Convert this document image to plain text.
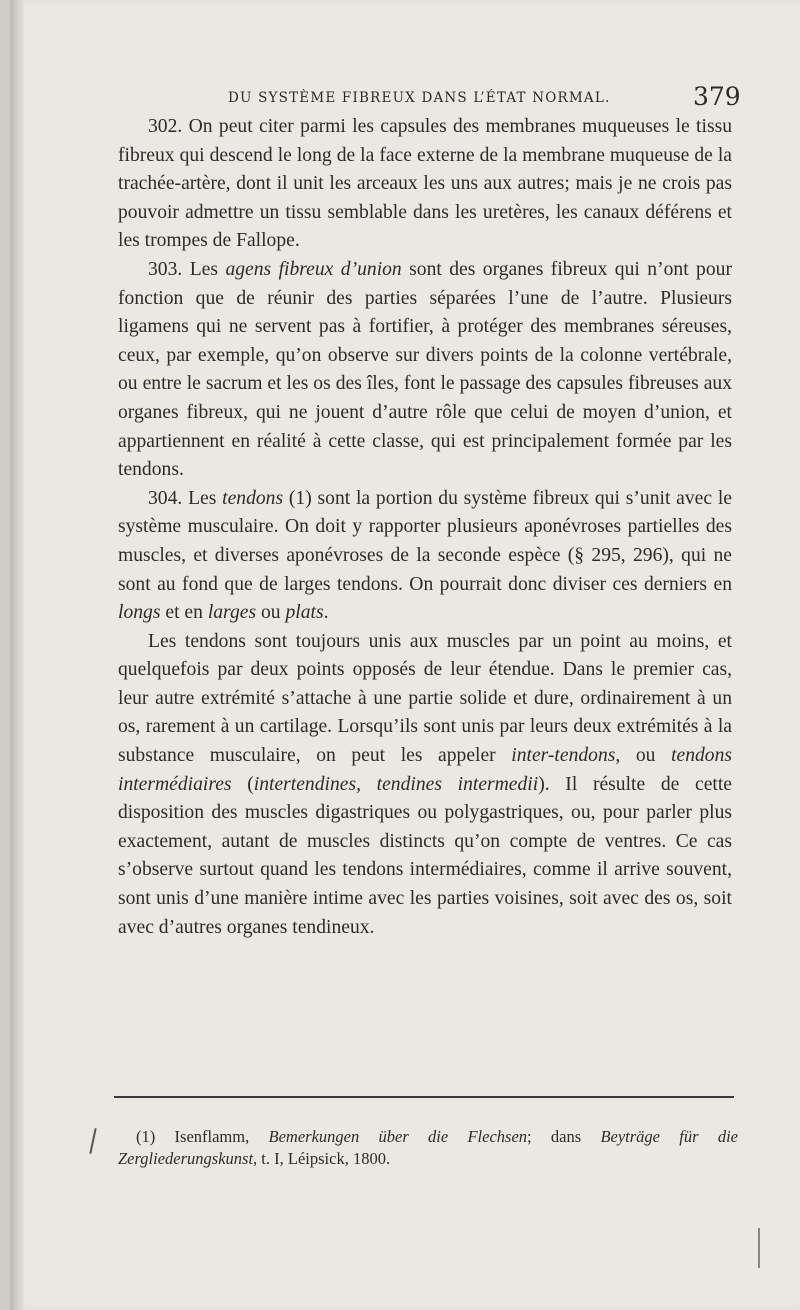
DU SYSTÈME FIBREUX DANS L’ÉTAT NORMAL.	379

302. On peut citer parmi les capsules des membranes muqueuses le tissu fibreux qui descend le long de la face externe de la membrane muqueuse de la trachée-artère, dont il unit les arceaux les uns aux autres; mais je ne crois pas pouvoir admettre un tissu semblable dans les uretères, les canaux déférens et les trompes de Fallope.

303. Les agens fibreux d’union sont des organes fibreux qui n’ont pour fonction que de réunir des parties séparées l’une de l’autre. Plusieurs ligamens qui ne servent pas à fortifier, à protéger des membranes séreuses, ceux, par exemple, qu’on observe sur divers points de la colonne vertébrale, ou entre le sacrum et les os des îles, font le passage des capsules fibreuses aux organes fibreux, qui ne jouent d’autre rôle que celui de moyen d’union, et appartiennent en réalité à cette classe, qui est principalement formée par les tendons.

304. Les tendons (1) sont la portion du système fibreux qui s’unit avec le système musculaire. On doit y rapporter plusieurs aponévroses partielles des muscles, et diverses aponévroses de la seconde espèce (§ 295, 296), qui ne sont au fond que de larges tendons. On pourrait donc diviser ces derniers en longs et en larges ou plats.

Les tendons sont toujours unis aux muscles par un point au moins, et quelquefois par deux points opposés de leur étendue. Dans le premier cas, leur autre extrémité s’attache à une partie solide et dure, ordinairement à un os, rarement à un cartilage. Lorsqu’ils sont unis par leurs deux extrémités à la substance musculaire, on peut les appeler inter-tendons, ou tendons intermédiaires (intertendines, tendines intermedii). Il résulte de cette disposition des muscles digastriques ou polygastriques, ou, pour parler plus exactement, autant de muscles distincts qu’on compte de ventres. Ce cas s’observe surtout quand les tendons intermédiaires, comme il arrive souvent, sont unis d’une manière intime avec les parties voisines, soit avec des os, soit avec d’autres organes tendineux.

(1) Isenflamm, Bemerkungen über die Flechsen; dans Beyträge für die Zergliederungskunst, t. I, Léipsick, 1800.
